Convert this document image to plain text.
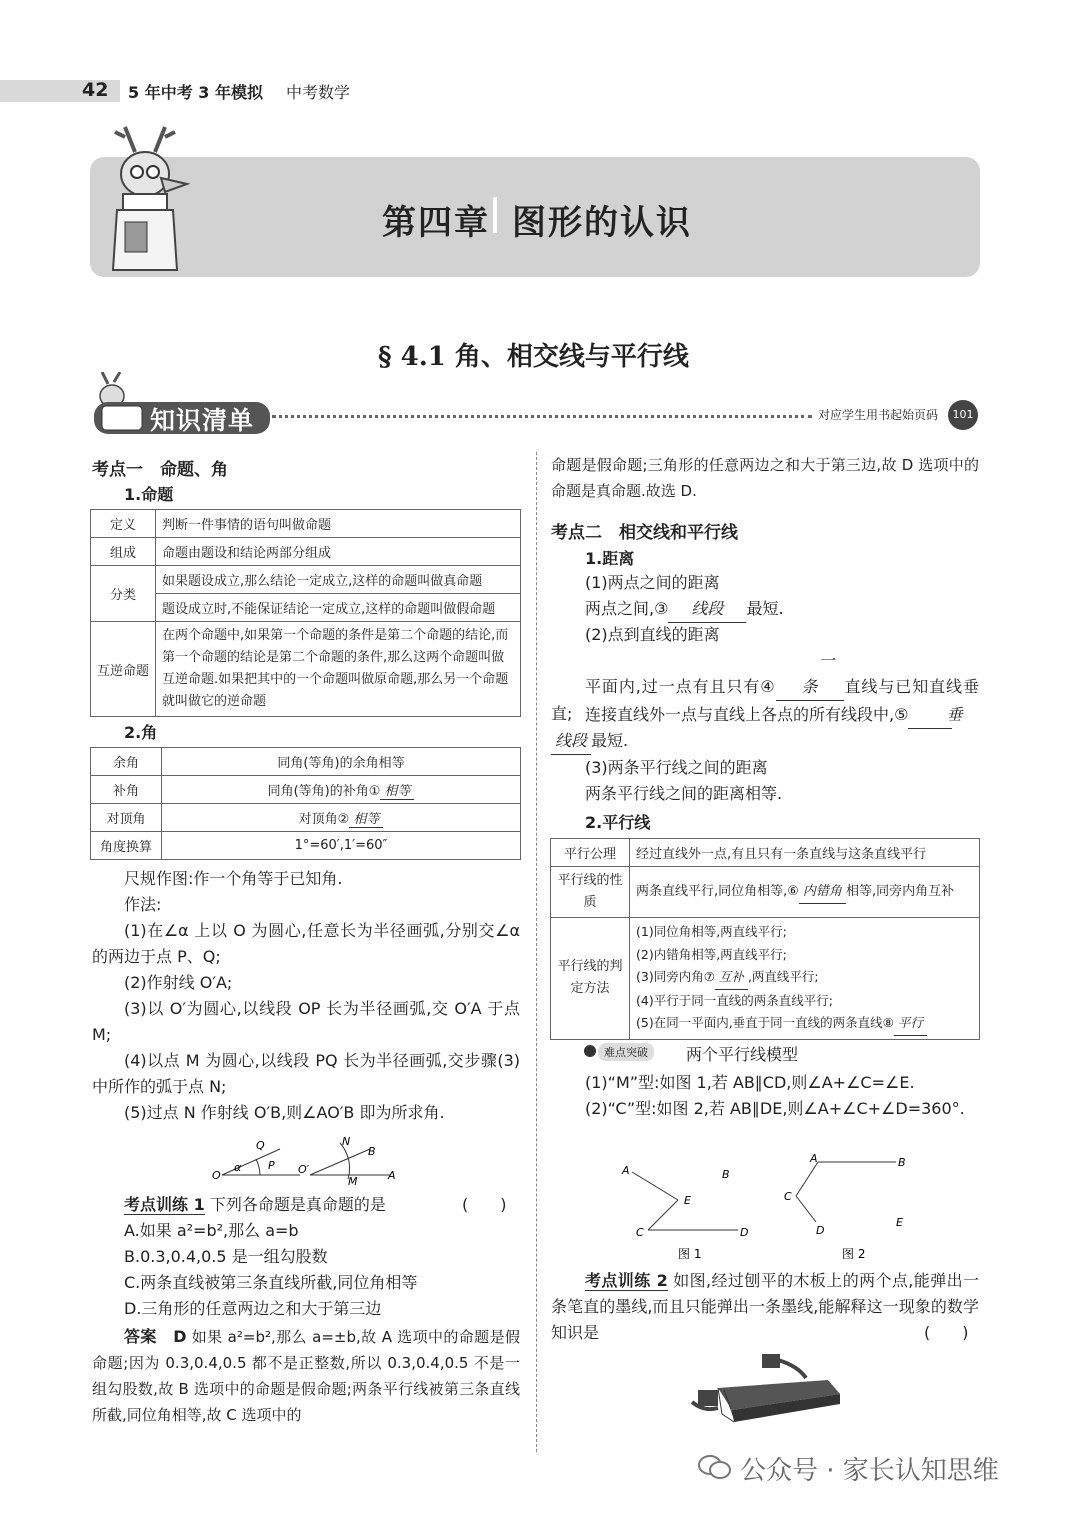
42 5 年中考 3 年模拟 中考数学
第四章 图形的认识
§ 4.1 角、相交线与平行线
知识清单	对应学生用书起始页码	101
考点一　命题、角
1.命题
定义	判断一件事情的语句叫做命题
组成	命题由题设和结论两部分组成
分类	如果题设成立,那么结论一定成立,这样的命题叫做真命题
	题设成立时,不能保证结论一定成立,这样的命题叫做假命题
互逆命题	在两个命题中,如果第一个命题的条件是第二个命题的结论,而第一个命题的结论是第二个命题的条件,那么这两个命题叫做互逆命题.如果把其中的一个命题叫做原命题,那么另一个命题就叫做它的逆命题
2.角
余角	同角(等角)的余角相等
补角	同角(等角)的补角① 相等
对顶角	对顶角② 相等
角度换算	1°=60′,1′=60″
尺规作图:作一个角等于已知角.
作法:
(1)在∠α 上以 O 为圆心,任意长为半径画弧,分别交∠α 的两边于点 P、Q;
(2)作射线 O′A;
(3)以 O′为圆心,以线段 OP 长为半径画弧,交 O′A 于点 M;
(4)以点 M 为圆心,以线段 PQ 长为半径画弧,交步骤(3)中所作的弧于点 N;
(5)过点 N 作射线 O′B,则∠AO′B 即为所求角.
O
Q
P
α	O′
N
B
A
M
考点训练 1 下列各命题是真命题的是	(　　)
A.如果 a²=b²,那么 a=b
B.0.3,0.4,0.5 是一组勾股数
C.两条直线被第三条直线所截,同位角相等
D.三角形的任意两边之和大于第三边
答案　D 如果 a²=b²,那么 a=±b,故 A 选项中的命题是假命题;因为 0.3,0.4,0.5 都不是正整数,所以 0.3,0.4,0.5 不是一组勾股数,故 B 选项中的命题是假命题;两条平行线被第三条直线所截,同位角相等,故 C 选项中的
命题是假命题;三角形的任意两边之和大于第三边,故 D 选项中的命题是真命题.故选 D.
考点二　相交线和平行线
1.距离
(1)两点之间的距离
两点之间,③ 线段 最短.
(2)点到直线的距离
平面内,过一点有且只有④一条 直线与已知直线垂直; 连接直线外一点与直线上各点的所有线段中,⑤ 垂
线段 最短.
(3)两条平行线之间的距离
两条平行线之间的距离相等.
2.平行线
平行公理	经过直线外一点,有且只有一条直线与这条直线平行
平行线的性质	两条直线平行,同位角相等,⑥ 内错角 相等,同旁内角互补
平行线的判定方法	(1)同位角相等,两直线平行;
(2)内错角相等,两直线平行;
(3)同旁内角⑦ 互补 ,两直线平行;
(4)平行于同一直线的两条直线平行;
(5)在同一平面内,垂直于同一直线的两条直线⑧ 平行
难点突破	两个平行线模型
(1)“M”型:如图 1,若 AB∥CD,则∠A+∠C=∠E.
(2)“C”型:如图 2,若 AB∥DE,则∠A+∠C+∠D=360°.
A	B
E
C	D
图 1
A	B
C
D
E
图 2
考点训练 2 如图,经过刨平的木板上的两个点,能弹出一条笔直的墨线,而且只能弹出一条墨线,能解释这一现象的数学知识是	(　　)
公众号 · 家长认知思维
